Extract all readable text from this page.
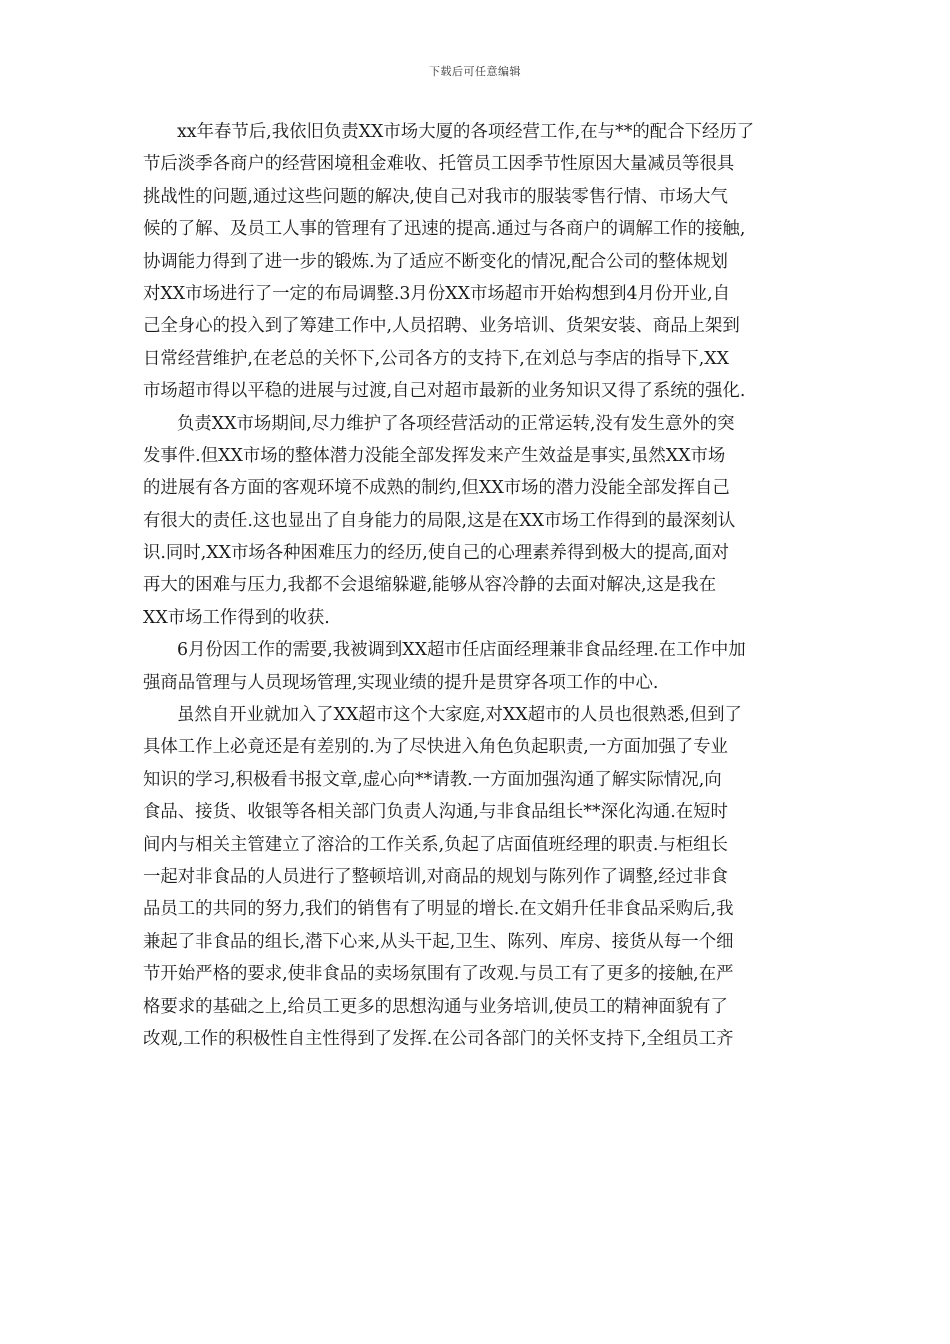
下载后可任意编辑
xx年春节后,我依旧负责XX市场大厦的各项经营工作,在与**的配合下经历了
节后淡季各商户的经营困境租金难收、托管员工因季节性原因大量减员等很具
挑战性的问题,通过这些问题的解决,使自己对我市的服装零售行情、市场大气
候的了解、及员工人事的管理有了迅速的提高.通过与各商户的调解工作的接触,
协调能力得到了进一步的锻炼.为了适应不断变化的情况,配合公司的整体规划
对XX市场进行了一定的布局调整.3月份XX市场超市开始构想到4月份开业,自
己全身心的投入到了筹建工作中,人员招聘、业务培训、货架安装、商品上架到
日常经营维护,在老总的关怀下,公司各方的支持下,在刘总与李店的指导下,XX
市场超市得以平稳的进展与过渡,自己对超市最新的业务知识又得了系统的强化.
负责XX市场期间,尽力维护了各项经营活动的正常运转,没有发生意外的突
发事件.但XX市场的整体潜力没能全部发挥发来产生效益是事实,虽然XX市场
的进展有各方面的客观环境不成熟的制约,但XX市场的潜力没能全部发挥自己
有很大的责任.这也显出了自身能力的局限,这是在XX市场工作得到的最深刻认
识.同时,XX市场各种困难压力的经历,使自己的心理素养得到极大的提高,面对
再大的困难与压力,我都不会退缩躲避,能够从容冷静的去面对解决,这是我在
XX市场工作得到的收获.
6月份因工作的需要,我被调到XX超市任店面经理兼非食品经理.在工作中加
强商品管理与人员现场管理,实现业绩的提升是贯穿各项工作的中心.
虽然自开业就加入了XX超市这个大家庭,对XX超市的人员也很熟悉,但到了
具体工作上必竟还是有差别的.为了尽快进入角色负起职责,一方面加强了专业
知识的学习,积极看书报文章,虚心向**请教.一方面加强沟通了解实际情况,向
食品、接货、收银等各相关部门负责人沟通,与非食品组长**深化沟通.在短时
间内与相关主管建立了溶洽的工作关系,负起了店面值班经理的职责.与柜组长
一起对非食品的人员进行了整顿培训,对商品的规划与陈列作了调整,经过非食
品员工的共同的努力,我们的销售有了明显的增长.在文娟升任非食品采购后,我
兼起了非食品的组长,潜下心来,从头干起,卫生、陈列、库房、接货从每一个细
节开始严格的要求,使非食品的卖场氛围有了改观.与员工有了更多的接触,在严
格要求的基础之上,给员工更多的思想沟通与业务培训,使员工的精神面貌有了
改观,工作的积极性自主性得到了发挥.在公司各部门的关怀支持下,全组员工齐
